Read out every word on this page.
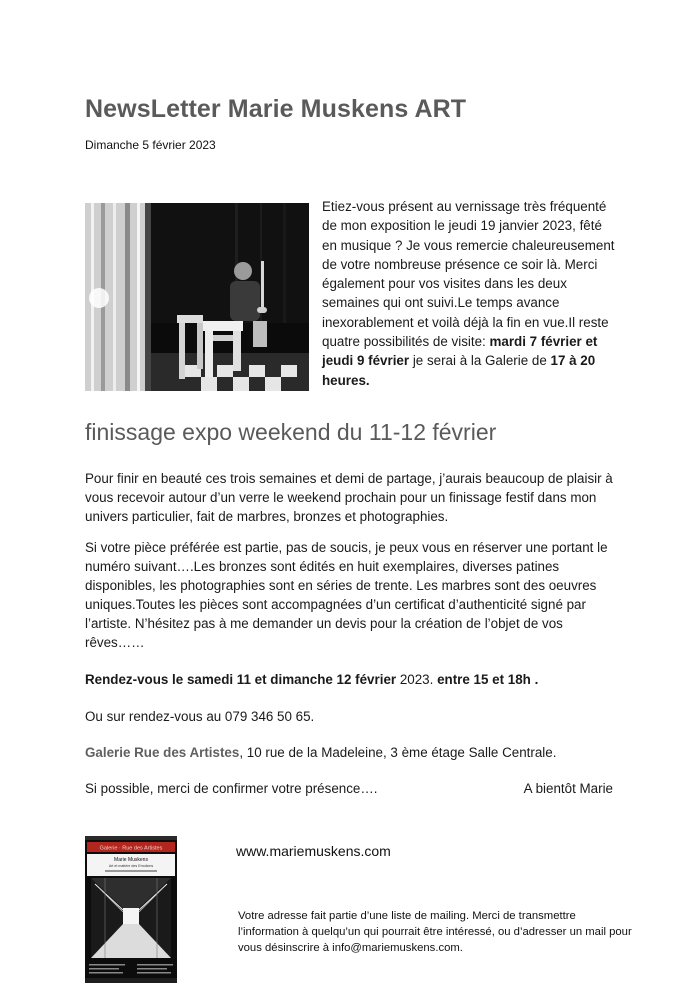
NewsLetter Marie Muskens ART
Dimanche 5 février 2023
Etiez-vous présent au vernissage très fréquenté de mon exposition le jeudi 19 janvier 2023, fêté en musique ? Je vous remercie chaleureusement de votre nombreuse présence ce soir là. Merci également pour vos visites dans les deux semaines qui ont suivi.Le temps avance inexorablement et voilà déjà la fin en vue.Il reste quatre possibilités de visite: mardi 7 février et jeudi 9 février je serai à la Galerie de 17 à 20 heures.
finissage expo weekend du 11-12 février

Pour finir en beauté ces trois semaines et demi de partage, j’aurais beaucoup de plaisir à vous recevoir autour d’un verre le weekend prochain pour un finissage festif dans mon univers particulier, fait de marbres, bronzes et photographies.

Si votre pièce préférée est partie, pas de soucis, je peux vous en réserver une portant le numéro suivant….Les bronzes sont édités en huit exemplaires, diverses patines disponibles, les photographies sont en séries de trente. Les marbres sont des oeuvres uniques.Toutes les pièces sont accompagnées d’un certificat d’authenticité signé par l’artiste. N’hésitez pas à me demander un devis pour la création de l’objet de vos rêves……

Rendez-vous le samedi 11 et dimanche 12 février 2023. entre 15 et 18h .

Ou sur rendez-vous au 079 346 50 65.

Galerie Rue des Artistes, 10 rue de la Madeleine, 3 ème étage Salle Centrale.

Si possible, merci de confirmer votre présence….	A bientôt Marie

Galerie · Rue des Artistes
Marie Muskens
Art et matière des Emotions
www.mariemuskens.com
Votre adresse fait partie d’une liste de mailing. Merci de transmettre l’information à quelqu’un qui pourrait être intéressé, ou d’adresser un mail pour vous désinscrire à info@mariemuskens.com.
